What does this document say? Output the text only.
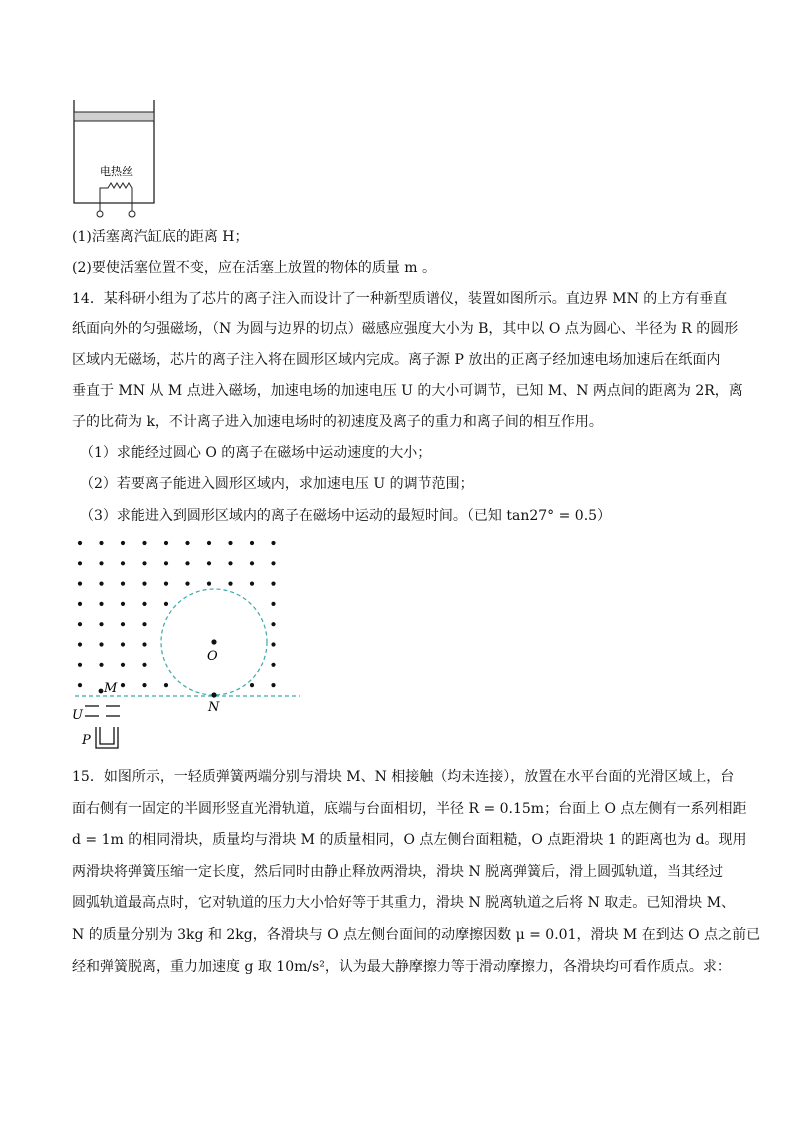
电热丝
(1)活塞离汽缸底的距离 H；
(2)要使活塞位置不变，应在活塞上放置的物体的质量 m 。
14．某科研小组为了芯片的离子注入而设计了一种新型质谱仪，装置如图所示。直边界 MN 的上方有垂直
纸面向外的匀强磁场，（N 为圆与边界的切点）磁感应强度大小为 B，其中以 O 点为圆心、半径为 R 的圆形
区域内无磁场，芯片的离子注入将在圆形区域内完成。离子源 P 放出的正离子经加速电场加速后在纸面内
垂直于 MN 从 M 点进入磁场，加速电场的加速电压 U 的大小可调节，已知 M、N 两点间的距离为 2R，离
子的比荷为 k，不计离子进入加速电场时的初速度及离子的重力和离子间的相互作用。
（1）求能经过圆心 O 的离子在磁场中运动速度的大小；
（2）若要离子能进入圆形区域内，求加速电压 U 的调节范围；
（3）求能进入到圆形区域内的离子在磁场中运动的最短时间。（已知 tan27° = 0.5）
O
N
M
U
P
15．如图所示，一轻质弹簧两端分别与滑块 M、N 相接触（均未连接），放置在水平台面的光滑区域上，台
面右侧有一固定的半圆形竖直光滑轨道，底端与台面相切，半径 R = 0.15m；台面上 O 点左侧有一系列相距
d = 1m 的相同滑块，质量均与滑块 M 的质量相同，O 点左侧台面粗糙，O 点距滑块 1 的距离也为 d。现用
两滑块将弹簧压缩一定长度，然后同时由静止释放两滑块，滑块 N 脱离弹簧后，滑上圆弧轨道，当其经过
圆弧轨道最高点时，它对轨道的压力大小恰好等于其重力，滑块 N 脱离轨道之后将 N 取走。已知滑块 M、
N 的质量分别为 3kg 和 2kg，各滑块与 O 点左侧台面间的动摩擦因数 μ = 0.01，滑块 M 在到达 O 点之前已
经和弹簧脱离，重力加速度 g 取 10m/s²，认为最大静摩擦力等于滑动摩擦力，各滑块均可看作质点。求：
